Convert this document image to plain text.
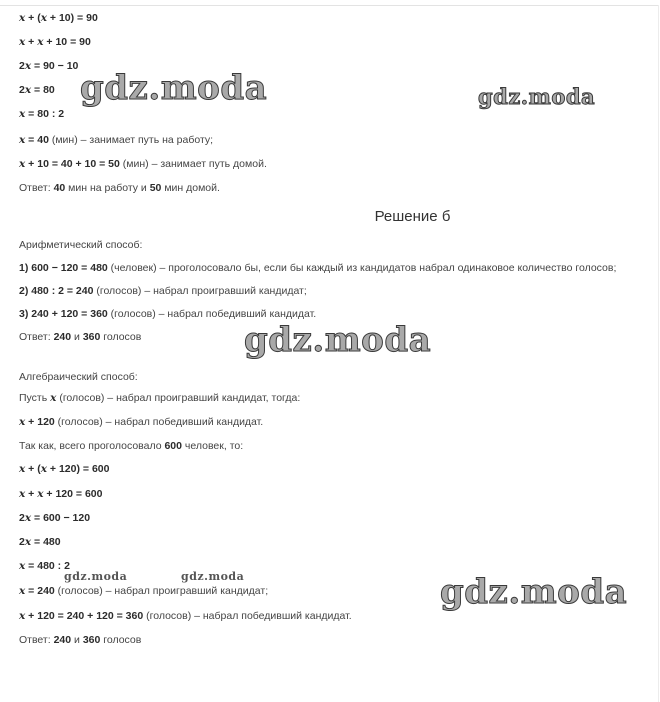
x + (x + 10) = 90

x + x + 10 = 90

2x = 90 − 10

2x = 80

x = 80 : 2

x = 40 (мин) – занимает путь на работу;

x + 10 = 40 + 10 = 50 (мин) – занимает путь домой.

Ответ: 40 мин на работу и 50 мин домой.

Решение б

Арифметический способ:

1) 600 − 120 = 480 (человек) – проголосовало бы, если бы каждый из кандидатов набрал одинаковое количество голосов;

2) 480 : 2 = 240 (голосов) – набрал проигравший кандидат;

3) 240 + 120 = 360 (голосов) – набрал победивший кандидат.

Ответ: 240 и 360 голосов

Алгебраический способ:

Пусть x (голосов) – набрал проигравший кандидат, тогда:

x + 120 (голосов) – набрал победивший кандидат.

Так как, всего проголосовало 600 человек, то:

x + (x + 120) = 600

x + x + 120 = 600

2x = 600 − 120

2x = 480

x = 480 : 2

x = 240 (голосов) – набрал проигравший кандидат;

x + 120 = 240 + 120 = 360 (голосов) – набрал победивший кандидат.

Ответ: 240 и 360 голосов

gdz.moda	gdz.moda
gdz.moda
gdz.moda	gdz.moda	gdz.moda
